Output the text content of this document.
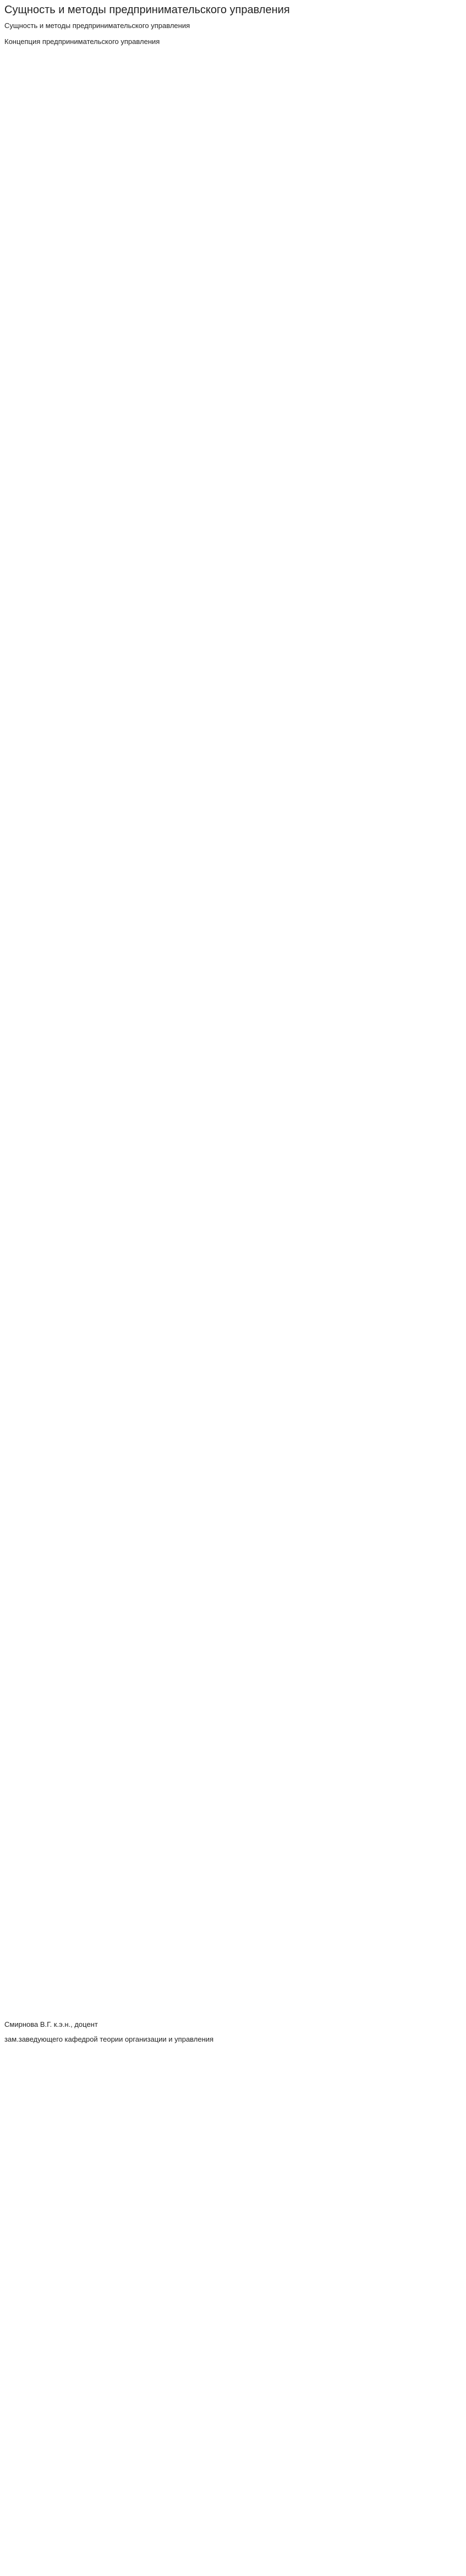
Сущность и методы предпринимательского управления
Сущность и методы предпринимательского управления
Концепция предпринимательского управления

Смирнова В.Г. к.э.н., доцент
зам.заведующего кафедрой теории организации и управления
